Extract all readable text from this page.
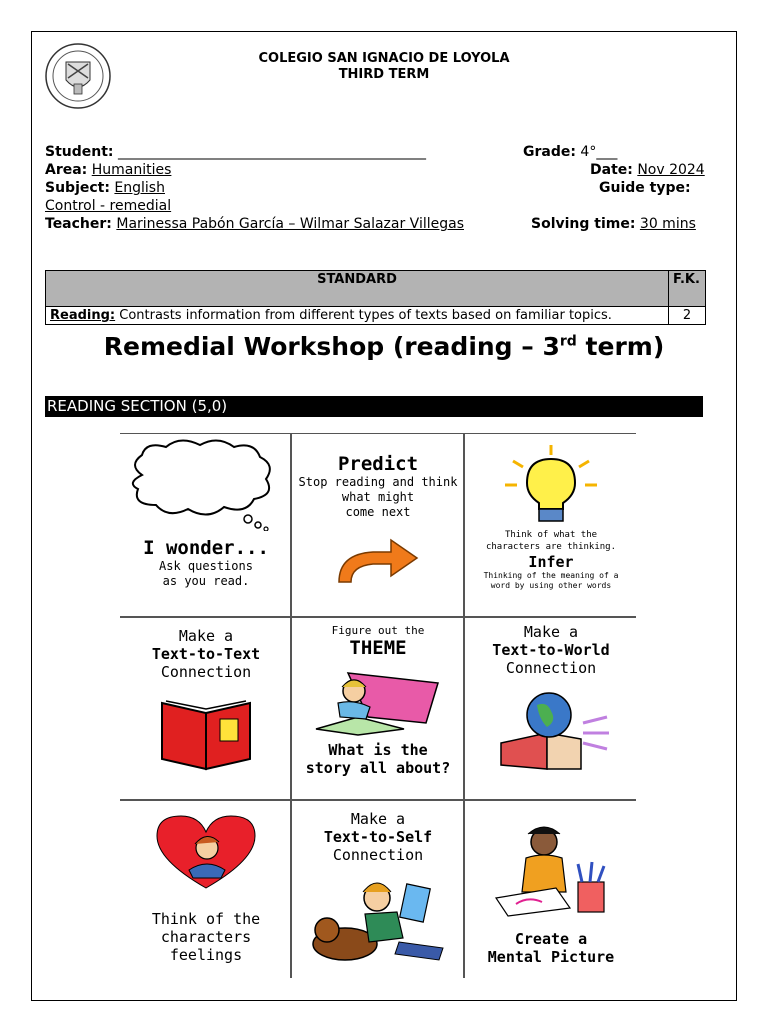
COLEGIO SAN IGNACIO DE LOYOLA
THIRD TERM
Student: ____________________________________________	Grade: 4°___
Area: Humanities	Date: Nov 2024
Subject: English	Guide type:
Control - remedial
Teacher: Marinessa Pabón García – Wilmar Salazar Villegas	Solving time: 30 mins
STANDARD	F.K.
Reading: Contrasts information from different types of texts based on familiar topics.	2
Remedial Workshop (reading – 3rd term)
READING SECTION (5,0)
I wonder...
Ask questions
as you read.
Predict
Stop reading and think
what might
come next
Think of what the
characters are thinking.
Infer
Thinking of the meaning of a
word by using other words
Make a
Text-to-Text
Connection
Figure out the
THEME
What is the
story all about?
Make a
Text-to-World
Connection
Think of the
characters
feelings
Make a
Text-to-Self
Connection
Create a
Mental Picture
